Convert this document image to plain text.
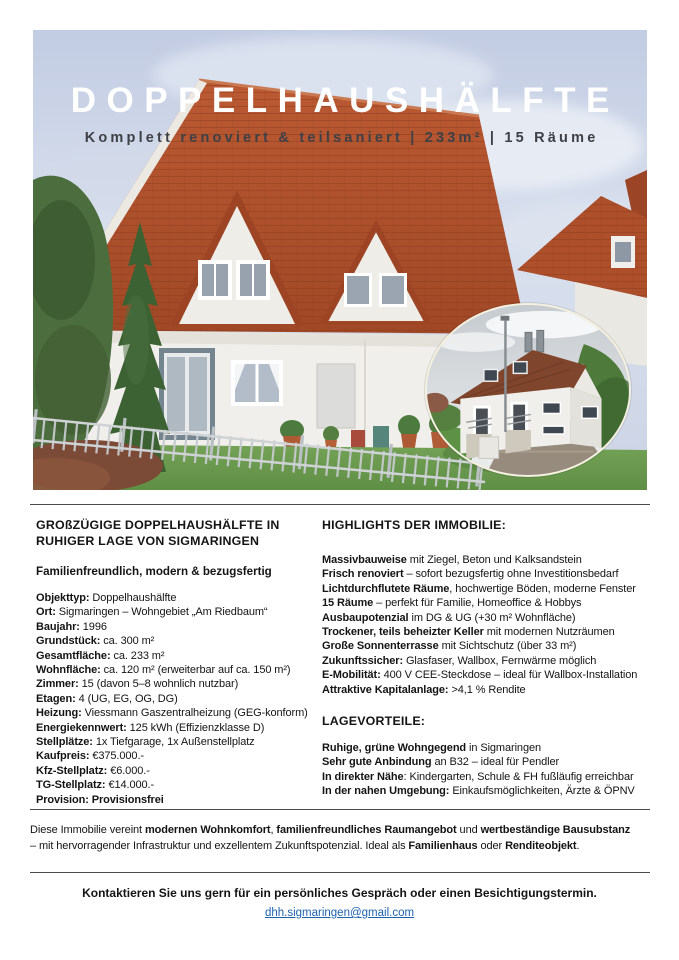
DOPPELHAUSHÄLFTE
Komplett renoviert & teilsaniert | 233m² | 15 Räume
GROßZÜGIGE DOPPELHAUSHÄLFTE IN RUHIGER LAGE VON SIGMARINGEN
Familienfreundlich, modern & bezugsfertig
Objekttyp: Doppelhaushälfte
Ort: Sigmaringen – Wohngebiet „Am Riedbaum“
Baujahr: 1996
Grundstück: ca. 300 m²
Gesamtfläche: ca. 233 m²
Wohnfläche: ca. 120 m² (erweiterbar auf ca. 150 m²)
Zimmer: 15 (davon 5–8 wohnlich nutzbar)
Etagen: 4 (UG, EG, OG, DG)
Heizung: Viessmann Gaszentralheizung (GEG-konform)
Energiekennwert: 125 kWh (Effizienzklasse D)
Stellplätze: 1x Tiefgarage, 1x Außenstellplatz
Kaufpreis: €375.000.-
Kfz-Stellplatz: €6.000.-
TG-Stellplatz: €14.000.-
Provision: Provisionsfrei
HIGHLIGHTS DER IMMOBILIE:
Massivbauweise mit Ziegel, Beton und Kalksandstein
Frisch renoviert – sofort bezugsfertig ohne Investitionsbedarf
Lichtdurchflutete Räume, hochwertige Böden, moderne Fenster
15 Räume – perfekt für Familie, Homeoffice & Hobbys
Ausbaupotenzial im DG & UG (+30 m² Wohnfläche)
Trockener, teils beheizter Keller mit modernen Nutzräumen
Große Sonnenterrasse mit Sichtschutz (über 33 m²)
Zukunftssicher: Glasfaser, Wallbox, Fernwärme möglich
E-Mobilität: 400 V CEE-Steckdose – ideal für Wallbox-Installation
Attraktive Kapitalanlage: >4,1 % Rendite
LAGEVORTEILE:
Ruhige, grüne Wohngegend in Sigmaringen
Sehr gute Anbindung an B32 – ideal für Pendler
In direkter Nähe: Kindergarten, Schule & FH fußläufig erreichbar
In der nahen Umgebung: Einkaufsmöglichkeiten, Ärzte & ÖPNV
Diese Immobilie vereint modernen Wohnkomfort, familienfreundliches Raumangebot und wertbeständige Bausubstanz
– mit hervorragender Infrastruktur und exzellentem Zukunftspotenzial. Ideal als Familienhaus oder Renditeobjekt.
Kontaktieren Sie uns gern für ein persönliches Gespräch oder einen Besichtigungstermin.
dhh.sigmaringen@gmail.com
